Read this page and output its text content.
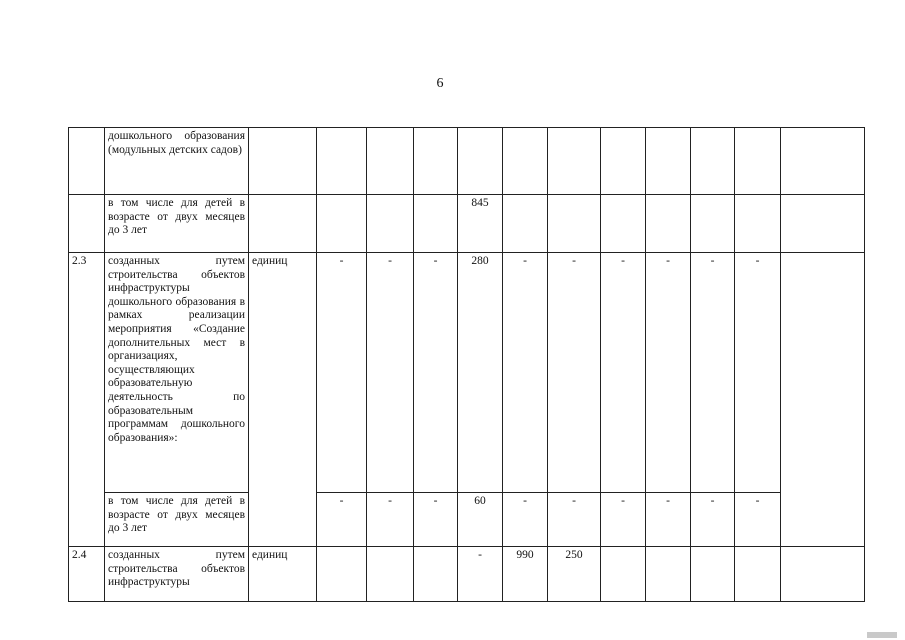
6
	дошкольного образования (модульных детских садов)												
	в том числе для детей в возрасте от двух месяцев до 3 лет					845							
2.3	созданных путем строительства объектов инфраструктуры дошкольного образования в рамках реализации мероприятия «Создание дополнительных мест в организациях, осуществляющих образовательную деятельность по образовательным программам дошкольного образования»:	единиц	-	-	-	280	-	-	-	-	-	-	
	в том числе для детей в возрасте от двух месяцев до 3 лет		-	-	-	60	-	-	-	-	-	-	
2.4	созданных путем строительства объектов инфраструктуры	единиц				-	990	250					
